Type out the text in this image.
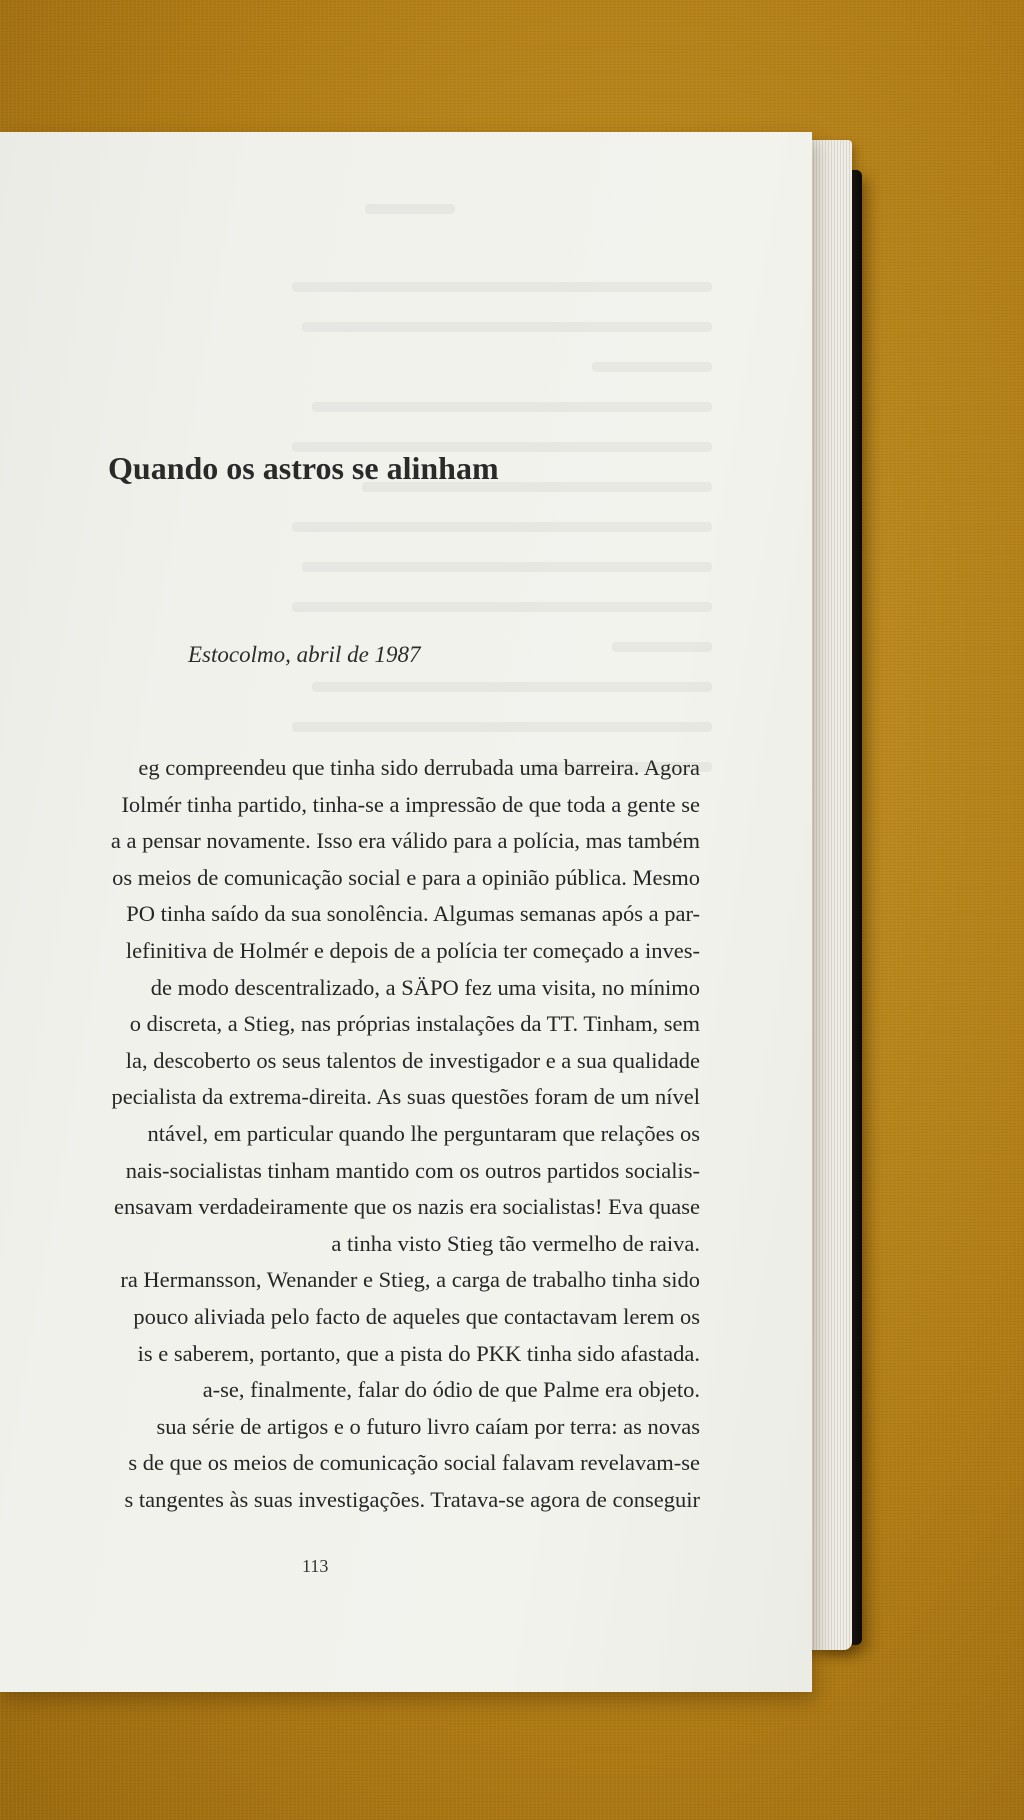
Quando os astros se alinham
Estocolmo, abril de 1987
eg compreendeu que tinha sido derrubada uma barreira. Agora
Iolmér tinha partido, tinha-se a impressão de que toda a gente se
a a pensar novamente. Isso era válido para a polícia, mas também
os meios de comunicação social e para a opinião pública. Mesmo
PO tinha saído da sua sonolência. Algumas semanas após a par-
lefinitiva de Holmér e depois de a polícia ter começado a inves-
de modo descentralizado, a SÄPO fez uma visita, no mínimo
o discreta, a Stieg, nas próprias instalações da TT. Tinham, sem
la, descoberto os seus talentos de investigador e a sua qualidade
pecialista da extrema-direita. As suas questões foram de um nível
ntável, em particular quando lhe perguntaram que relações os
nais-socialistas tinham mantido com os outros partidos socialis-
ensavam verdadeiramente que os nazis era socialistas! Eva quase
a tinha visto Stieg tão vermelho de raiva.
ra Hermansson, Wenander e Stieg, a carga de trabalho tinha sido
pouco aliviada pelo facto de aqueles que contactavam lerem os
is e saberem, portanto, que a pista do PKK tinha sido afastada.
a-se, finalmente, falar do ódio de que Palme era objeto.
sua série de artigos e o futuro livro caíam por terra: as novas
s de que os meios de comunicação social falavam revelavam-se
s tangentes às suas investigações. Tratava-se agora de conseguir
113
